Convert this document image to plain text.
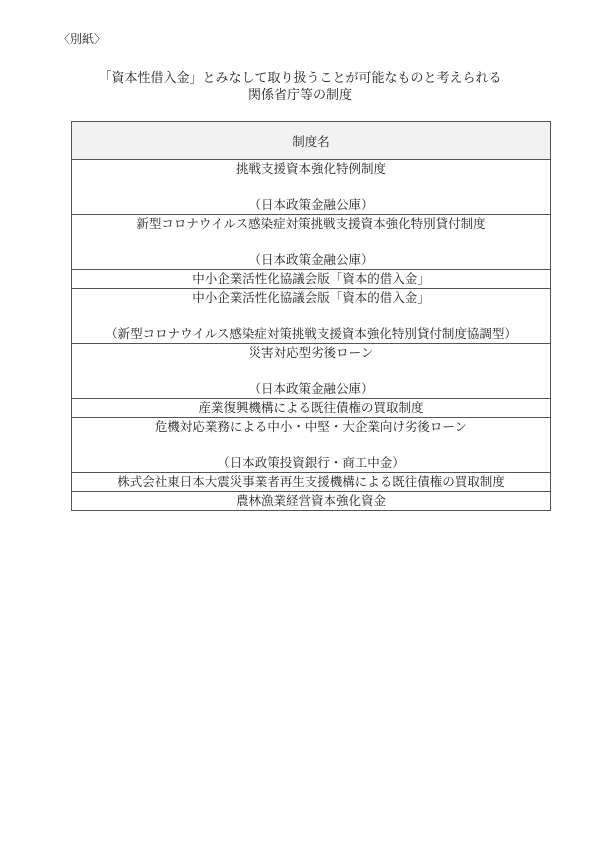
〈別紙〉
「資本性借入金」とみなして取り扱うことが可能なものと考えられる
関係省庁等の制度
制度名

挑戦支援資本強化特例制度
（日本政策金融公庫）

新型コロナウイルス感染症対策挑戦支援資本強化特別貸付制度
（日本政策金融公庫）

中小企業活性化協議会版「資本的借入金」

中小企業活性化協議会版「資本的借入金」
（新型コロナウイルス感染症対策挑戦支援資本強化特別貸付制度協調型）

災害対応型劣後ローン
（日本政策金融公庫）

産業復興機構による既往債権の買取制度

危機対応業務による中小・中堅・大企業向け劣後ローン
（日本政策投資銀行・商工中金）

株式会社東日本大震災事業者再生支援機構による既往債権の買取制度

農林漁業経営資本強化資金
